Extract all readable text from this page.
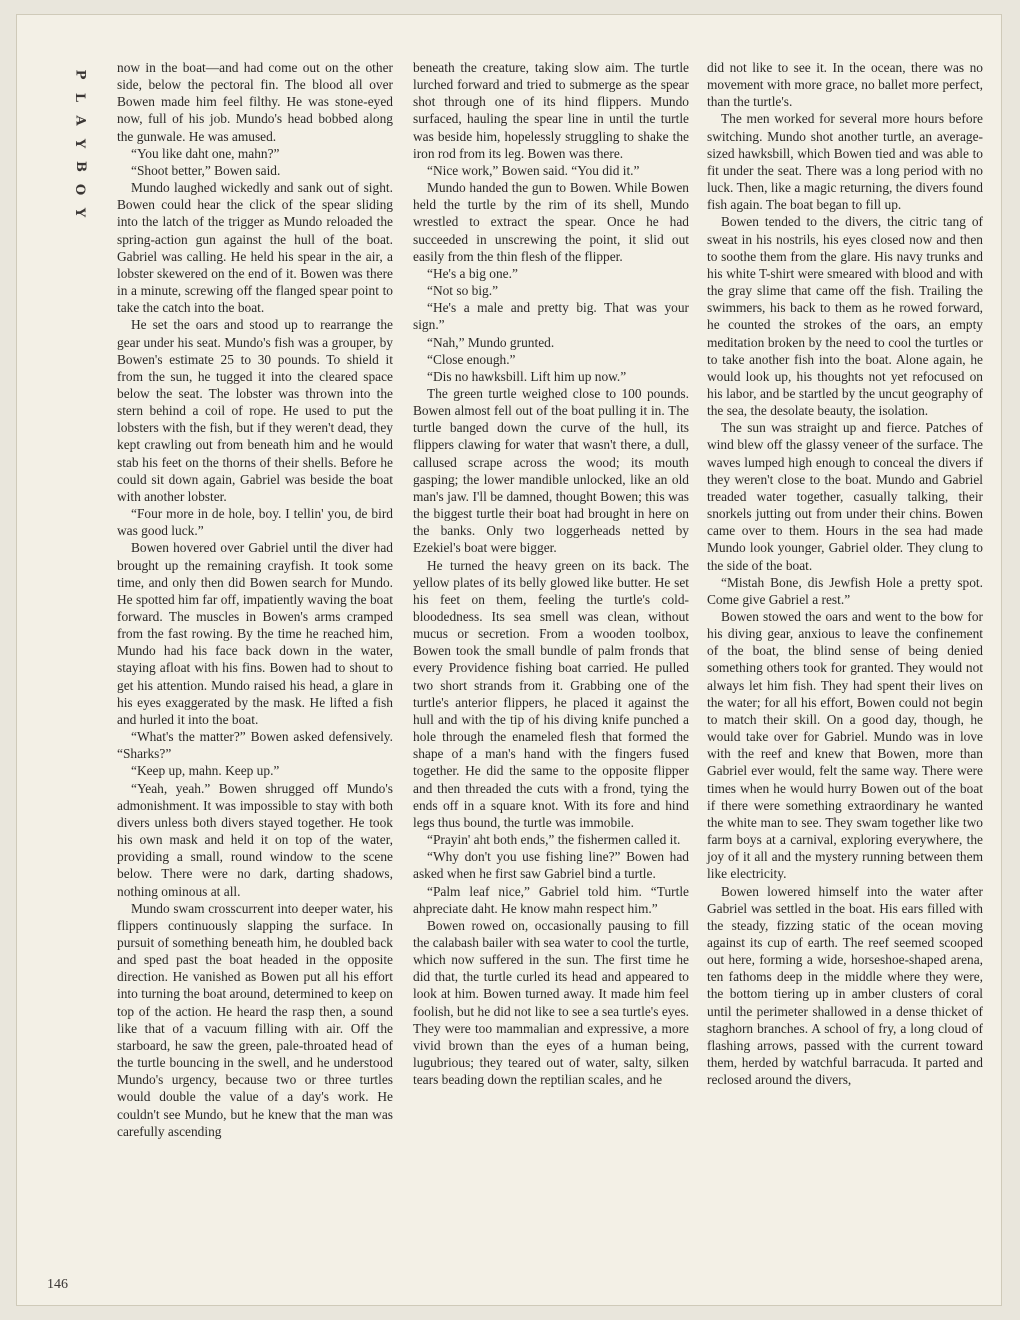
P
L
A
Y
B
O
Y
146

now in the boat—and had come out on the other side, below the pectoral fin. The blood all over Bowen made him feel filthy. He was stone-eyed now, full of his job. Mundo's head bobbed along the gunwale. He was amused.

“You like daht one, mahn?”

“Shoot better,” Bowen said.

Mundo laughed wickedly and sank out of sight. Bowen could hear the click of the spear sliding into the latch of the trigger as Mundo reloaded the spring-action gun against the hull of the boat. Gabriel was calling. He held his spear in the air, a lobster skewered on the end of it. Bowen was there in a minute, screwing off the flanged spear point to take the catch into the boat.

He set the oars and stood up to rearrange the gear under his seat. Mundo's fish was a grouper, by Bowen's estimate 25 to 30 pounds. To shield it from the sun, he tugged it into the cleared space below the seat. The lobster was thrown into the stern behind a coil of rope. He used to put the lobsters with the fish, but if they weren't dead, they kept crawling out from beneath him and he would stab his feet on the thorns of their shells. Before he could sit down again, Gabriel was beside the boat with another lobster.

“Four more in de hole, boy. I tellin' you, de bird was good luck.”

Bowen hovered over Gabriel until the diver had brought up the remaining crayfish. It took some time, and only then did Bowen search for Mundo. He spotted him far off, impatiently waving the boat forward. The muscles in Bowen's arms cramped from the fast rowing. By the time he reached him, Mundo had his face back down in the water, staying afloat with his fins. Bowen had to shout to get his attention. Mundo raised his head, a glare in his eyes exaggerated by the mask. He lifted a fish and hurled it into the boat.

“What's the matter?” Bowen asked defensively. “Sharks?”

“Keep up, mahn. Keep up.”

“Yeah, yeah.” Bowen shrugged off Mundo's admonishment. It was impossible to stay with both divers unless both divers stayed together. He took his own mask and held it on top of the water, providing a small, round window to the scene below. There were no dark, darting shadows, nothing ominous at all.

Mundo swam crosscurrent into deeper water, his flippers continuously slapping the surface. In pursuit of something beneath him, he doubled back and sped past the boat headed in the opposite direction. He vanished as Bowen put all his effort into turning the boat around, determined to keep on top of the action. He heard the rasp then, a sound like that of a vacuum filling with air. Off the starboard, he saw the green, pale-throated head of the turtle bouncing in the swell, and he understood Mundo's urgency, because two or three turtles would double the value of a day's work. He couldn't see Mundo, but he knew that the man was carefully ascending

beneath the creature, taking slow aim. The turtle lurched forward and tried to submerge as the spear shot through one of its hind flippers. Mundo surfaced, hauling the spear line in until the turtle was beside him, hopelessly struggling to shake the iron rod from its leg. Bowen was there.

“Nice work,” Bowen said. “You did it.”

Mundo handed the gun to Bowen. While Bowen held the turtle by the rim of its shell, Mundo wrestled to extract the spear. Once he had succeeded in unscrewing the point, it slid out easily from the thin flesh of the flipper.

“He's a big one.”

“Not so big.”

“He's a male and pretty big. That was your sign.”

“Nah,” Mundo grunted.

“Close enough.”

“Dis no hawksbill. Lift him up now.”

The green turtle weighed close to 100 pounds. Bowen almost fell out of the boat pulling it in. The turtle banged down the curve of the hull, its flippers clawing for water that wasn't there, a dull, callused scrape across the wood; its mouth gasping; the lower mandible unlocked, like an old man's jaw. I'll be damned, thought Bowen; this was the biggest turtle their boat had brought in here on the banks. Only two loggerheads netted by Ezekiel's boat were bigger.

He turned the heavy green on its back. The yellow plates of its belly glowed like butter. He set his feet on them, feeling the turtle's cold-bloodedness. Its sea smell was clean, without mucus or secretion. From a wooden toolbox, Bowen took the small bundle of palm fronds that every Providence fishing boat carried. He pulled two short strands from it. Grabbing one of the turtle's anterior flippers, he placed it against the hull and with the tip of his diving knife punched a hole through the enameled flesh that formed the shape of a man's hand with the fingers fused together. He did the same to the opposite flipper and then threaded the cuts with a frond, tying the ends off in a square knot. With its fore and hind legs thus bound, the turtle was immobile.

“Prayin' aht both ends,” the fishermen called it.

“Why don't you use fishing line?” Bowen had asked when he first saw Gabriel bind a turtle.

“Palm leaf nice,” Gabriel told him. “Turtle ahpreciate daht. He know mahn respect him.”

Bowen rowed on, occasionally pausing to fill the calabash bailer with sea water to cool the turtle, which now suffered in the sun. The first time he did that, the turtle curled its head and appeared to look at him. Bowen turned away. It made him feel foolish, but he did not like to see a sea turtle's eyes. They were too mammalian and expressive, a more vivid brown than the eyes of a human being, lugubrious; they teared out of water, salty, silken tears beading down the reptilian scales, and he

did not like to see it. In the ocean, there was no movement with more grace, no ballet more perfect, than the turtle's.

The men worked for several more hours before switching. Mundo shot another turtle, an average-sized hawksbill, which Bowen tied and was able to fit under the seat. There was a long period with no luck. Then, like a magic returning, the divers found fish again. The boat began to fill up.

Bowen tended to the divers, the citric tang of sweat in his nostrils, his eyes closed now and then to soothe them from the glare. His navy trunks and his white T-shirt were smeared with blood and with the gray slime that came off the fish. Trailing the swimmers, his back to them as he rowed forward, he counted the strokes of the oars, an empty meditation broken by the need to cool the turtles or to take another fish into the boat. Alone again, he would look up, his thoughts not yet refocused on his labor, and be startled by the uncut geography of the sea, the desolate beauty, the isolation.

The sun was straight up and fierce. Patches of wind blew off the glassy veneer of the surface. The waves lumped high enough to conceal the divers if they weren't close to the boat. Mundo and Gabriel treaded water together, casually talking, their snorkels jutting out from under their chins. Bowen came over to them. Hours in the sea had made Mundo look younger, Gabriel older. They clung to the side of the boat.

“Mistah Bone, dis Jewfish Hole a pretty spot. Come give Gabriel a rest.”

Bowen stowed the oars and went to the bow for his diving gear, anxious to leave the confinement of the boat, the blind sense of being denied something others took for granted. They would not always let him fish. They had spent their lives on the water; for all his effort, Bowen could not begin to match their skill. On a good day, though, he would take over for Gabriel. Mundo was in love with the reef and knew that Bowen, more than Gabriel ever would, felt the same way. There were times when he would hurry Bowen out of the boat if there were something extraordinary he wanted the white man to see. They swam together like two farm boys at a carnival, exploring everywhere, the joy of it all and the mystery running between them like electricity.

Bowen lowered himself into the water after Gabriel was settled in the boat. His ears filled with the steady, fizzing static of the ocean moving against its cup of earth. The reef seemed scooped out here, forming a wide, horseshoe-shaped arena, ten fathoms deep in the middle where they were, the bottom tiering up in amber clusters of coral until the perimeter shallowed in a dense thicket of staghorn branches. A school of fry, a long cloud of flashing arrows, passed with the current toward them, herded by watchful barracuda. It parted and reclosed around the divers,
